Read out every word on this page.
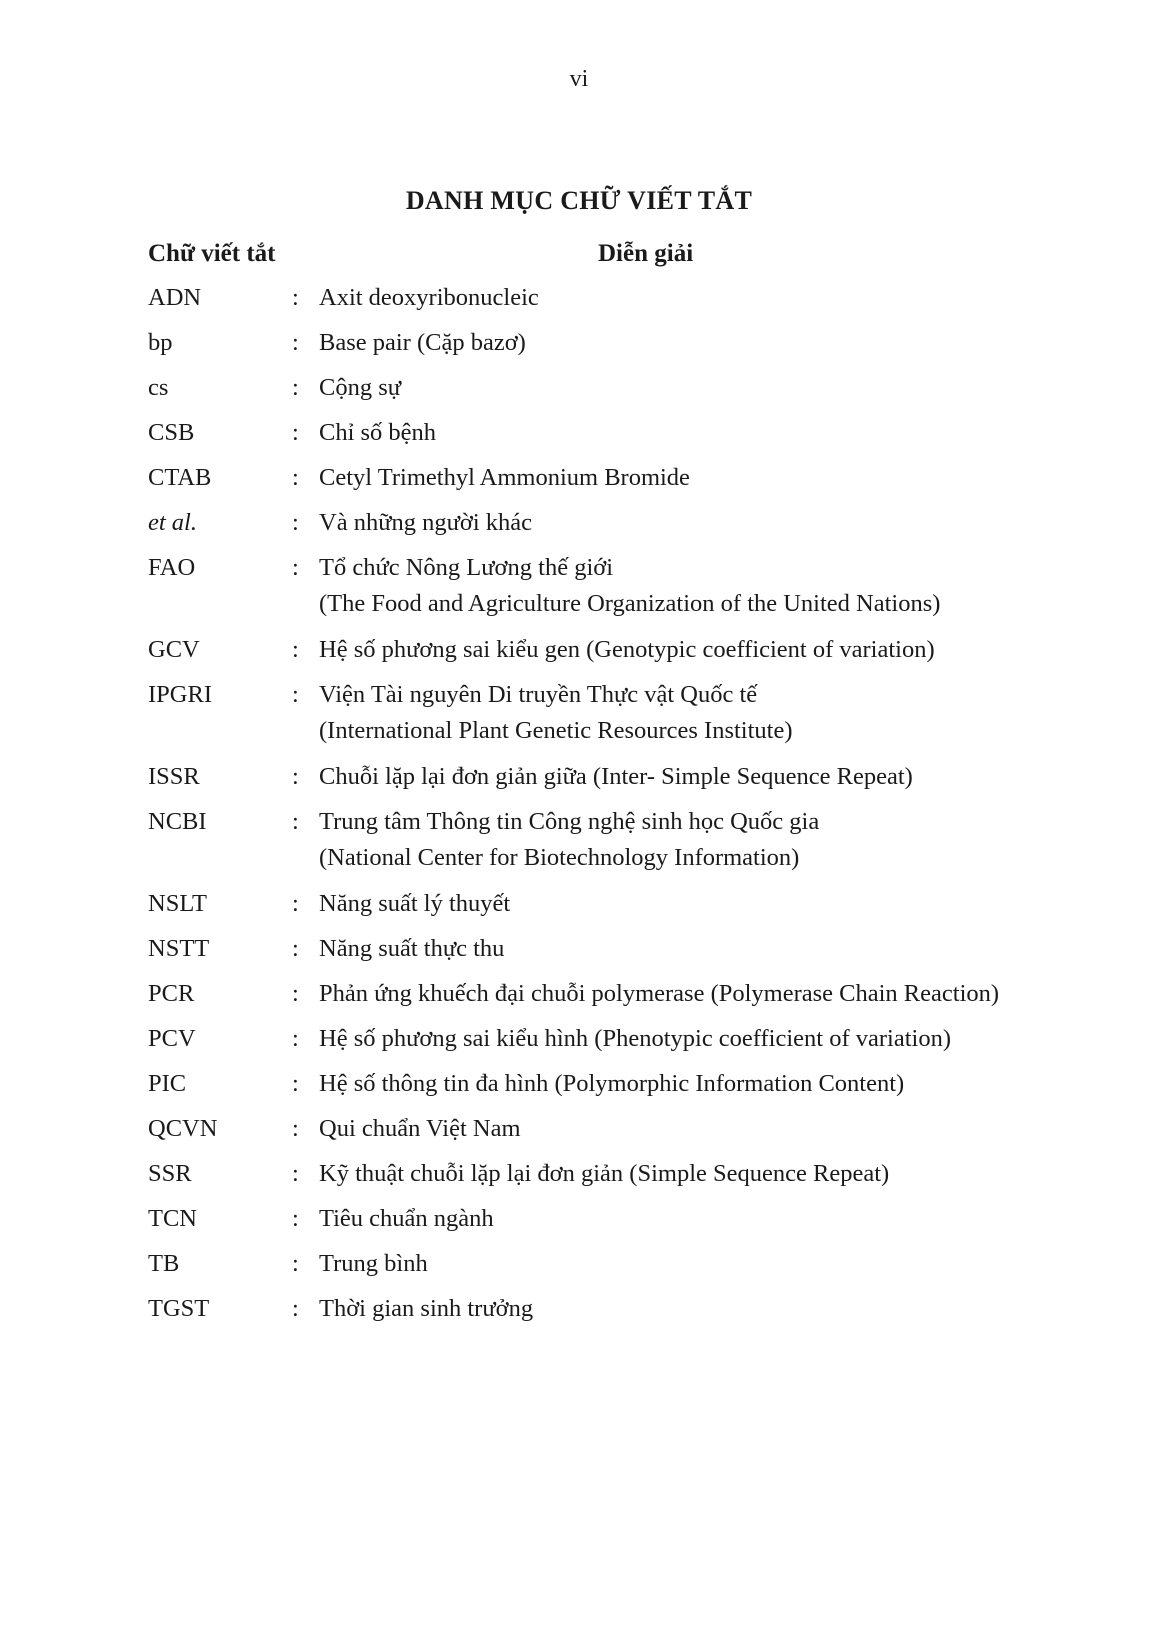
vi
DANH MỤC CHỮ VIẾT TẮT
Chữ viết tắt	Diễn giải
ADN	: Axit deoxyribonucleic
bp	: Base pair (Cặp bazơ)
cs	: Cộng sự
CSB	: Chỉ số bệnh
CTAB	: Cetyl Trimethyl Ammonium Bromide
et al.	: Và những người khác
FAO	: Tổ chức Nông Lương thế giới
(The Food and Agriculture Organization of the United Nations)
GCV	: Hệ số phương sai kiểu gen (Genotypic coefficient of variation)
IPGRI	: Viện Tài nguyên Di truyền Thực vật Quốc tế
(International Plant Genetic Resources Institute)
ISSR	: Chuỗi lặp lại đơn giản giữa (Inter- Simple Sequence Repeat)
NCBI	: Trung tâm Thông tin Công nghệ sinh học Quốc gia
(National Center for Biotechnology Information)
NSLT	: Năng suất lý thuyết
NSTT	: Năng suất thực thu
PCR	: Phản ứng khuếch đại chuỗi polymerase (Polymerase Chain Reaction)
PCV	: Hệ số phương sai kiểu hình (Phenotypic coefficient of variation)
PIC	: Hệ số thông tin đa hình (Polymorphic Information Content)
QCVN	: Qui chuẩn Việt Nam
SSR	: Kỹ thuật chuỗi lặp lại đơn giản (Simple Sequence Repeat)
TCN	: Tiêu chuẩn ngành
TB	: Trung bình
TGST	: Thời gian sinh trưởng
